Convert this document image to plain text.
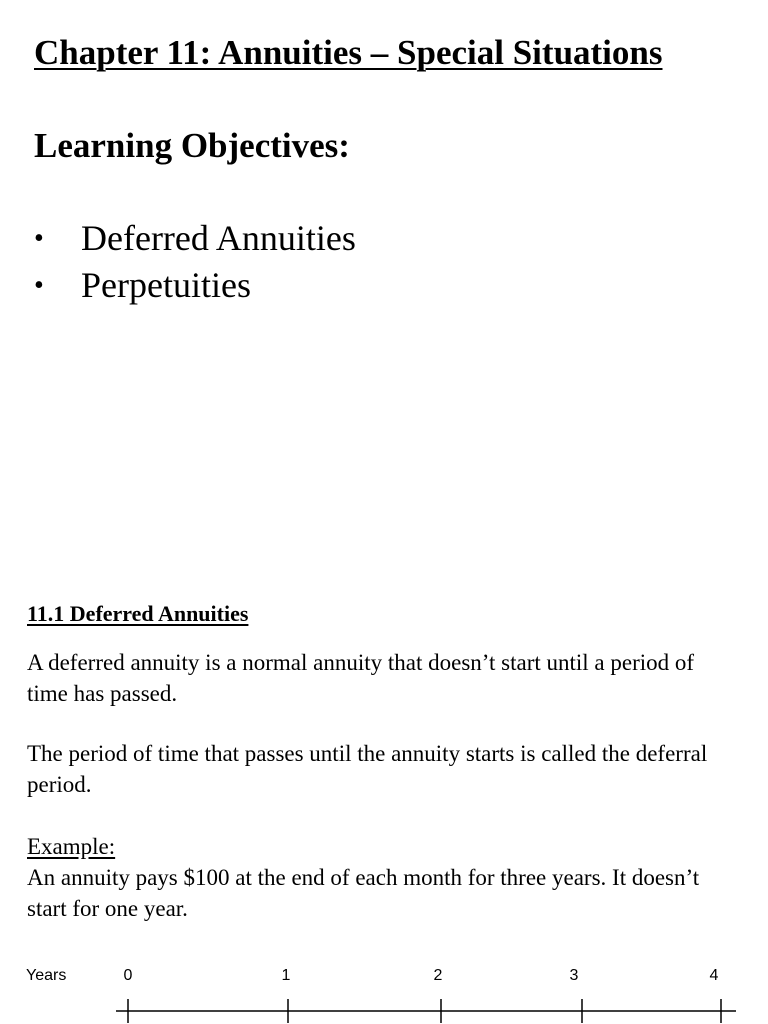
Chapter 11: Annuities – Special Situations
Learning Objectives:
•	Deferred Annuities
•	Perpetuities
11.1 Deferred Annuities

A deferred annuity is a normal annuity that doesn’t start until a period of time has passed.

The period of time that passes until the annuity starts is called the deferral period.

Example:

An annuity pays $100 at the end of each month for three years. It doesn’t start for one year.

Years	0	1	2	3	4
